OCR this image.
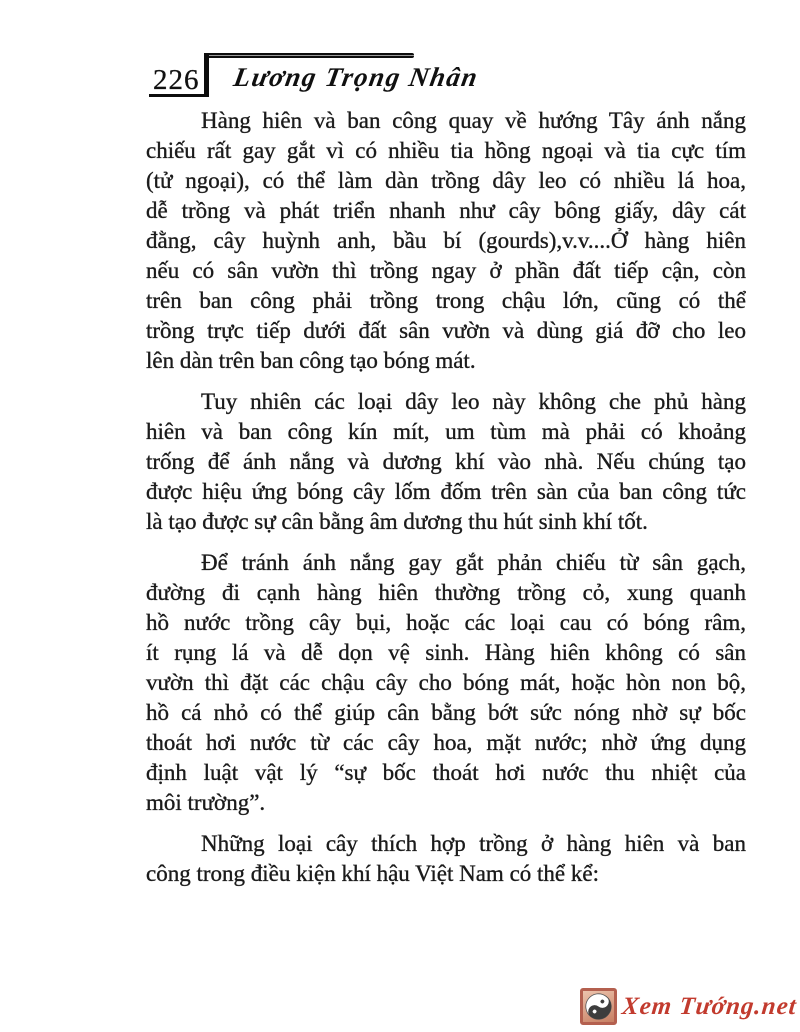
226 Lương Trọng Nhân
Hàng hiên và ban công quay về hướng Tây ánh nắng
chiếu rất gay gắt vì có nhiều tia hồng ngoại và tia cực tím
(tử ngoại), có thể làm dàn trồng dây leo có nhiều lá hoa,
dễ trồng và phát triển nhanh như cây bông giấy, dây cát
đằng, cây huỳnh anh, bầu bí (gourds),v.v....Ở hàng hiên
nếu có sân vườn thì trồng ngay ở phần đất tiếp cận, còn
trên ban công phải trồng trong chậu lớn, cũng có thể
trồng trực tiếp dưới đất sân vườn và dùng giá đỡ cho leo
lên dàn trên ban công tạo bóng mát.
Tuy nhiên các loại dây leo này không che phủ hàng
hiên và ban công kín mít, um tùm mà phải có khoảng
trống để ánh nắng và dương khí vào nhà. Nếu chúng tạo
được hiệu ứng bóng cây lốm đốm trên sàn của ban công tức
là tạo được sự cân bằng âm dương thu hút sinh khí tốt.
Để tránh ánh nắng gay gắt phản chiếu từ sân gạch,
đường đi cạnh hàng hiên thường trồng cỏ, xung quanh
hồ nước trồng cây bụi, hoặc các loại cau có bóng râm,
ít rụng lá và dễ dọn vệ sinh. Hàng hiên không có sân
vườn thì đặt các chậu cây cho bóng mát, hoặc hòn non bộ,
hồ cá nhỏ có thể giúp cân bằng bớt sức nóng nhờ sự bốc
thoát hơi nước từ các cây hoa, mặt nước; nhờ ứng dụng
định luật vật lý “sự bốc thoát hơi nước thu nhiệt của
môi trường”.
Những loại cây thích hợp trồng ở hàng hiên và ban
công trong điều kiện khí hậu Việt Nam có thể kể:
Xem Tướng.net
